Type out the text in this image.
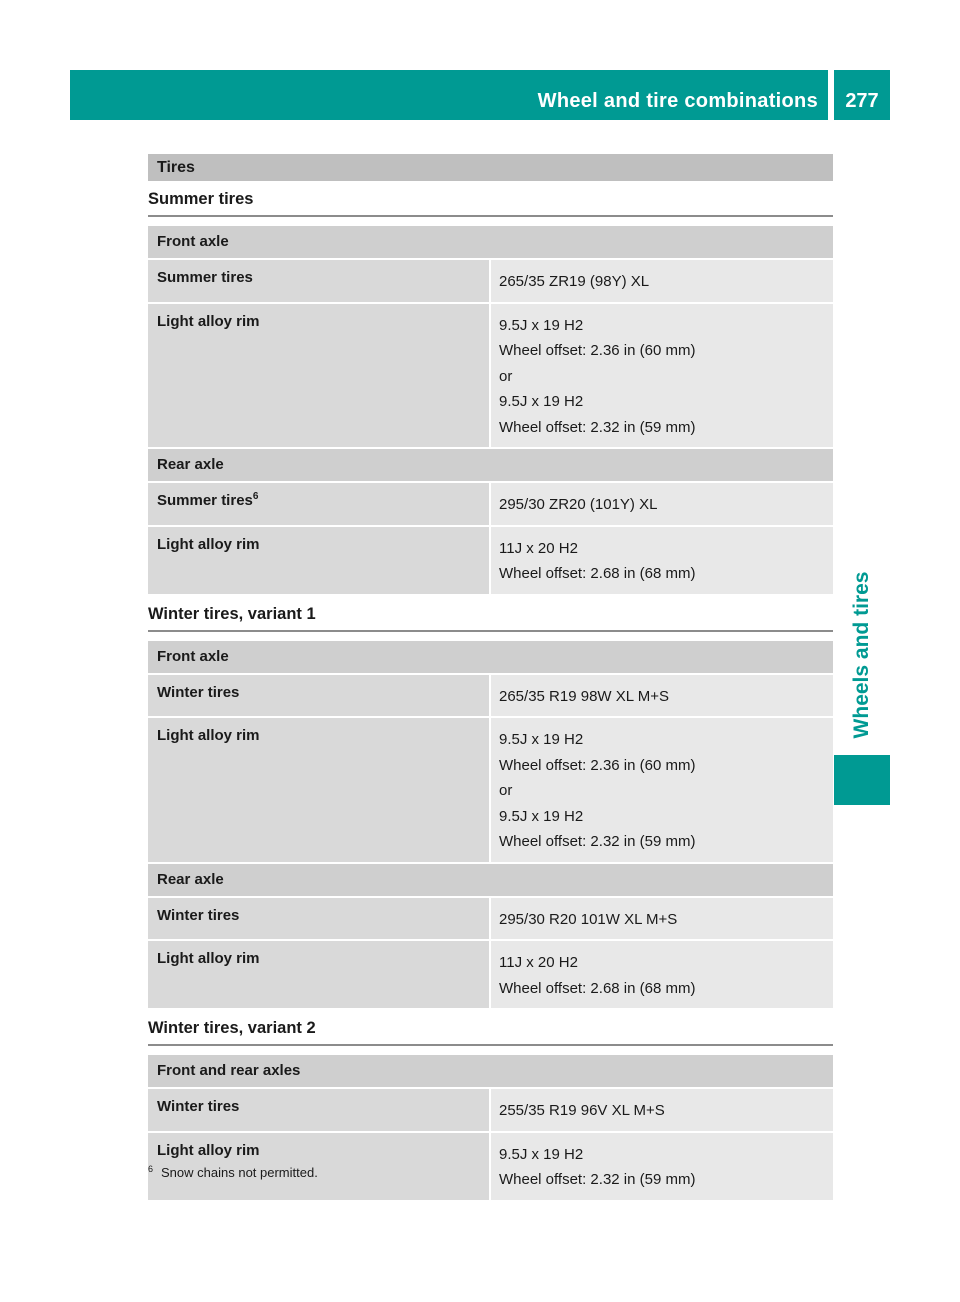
Wheel and tire combinations	277
Wheels and tires
Tires
Summer tires
Front axle	

Summer tires	265/35 ZR19 (98Y) XL

Light alloy rim	9.5J x 19 H2
Wheel offset: 2.36 in (60 mm)
or
9.5J x 19 H2
Wheel offset: 2.32 in (59 mm)

Rear axle	

Summer tires$^6$	295/30 ZR20 (101Y) XL

Light alloy rim	11J x 20 H2
Wheel offset: 2.68 in (68 mm)
Winter tires, variant 1
Front axle	

Winter tires	265/35 R19 98W XL M+S

Light alloy rim	9.5J x 19 H2
Wheel offset: 2.36 in (60 mm)
or
9.5J x 19 H2
Wheel offset: 2.32 in (59 mm)

Rear axle	

Winter tires	295/30 R20 101W XL M+S

Light alloy rim	11J x 20 H2
Wheel offset: 2.68 in (68 mm)
Winter tires, variant 2
Front and rear axles	

Winter tires	255/35 R19 96V XL M+S

Light alloy rim	9.5J x 19 H2
Wheel offset: 2.32 in (59 mm)
$^6$ Snow chains not permitted.
